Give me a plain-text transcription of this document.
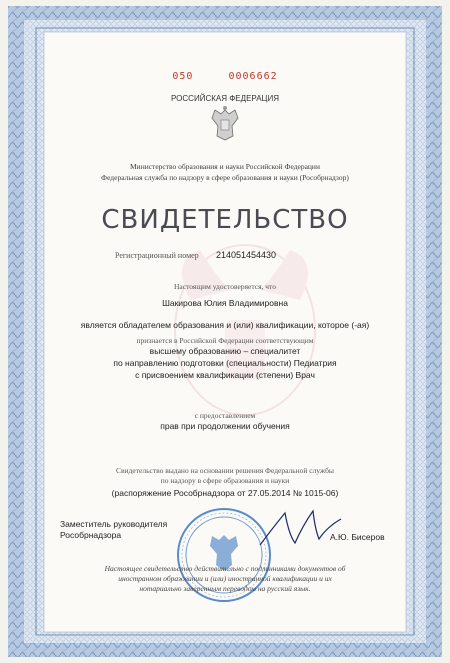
050	0006662
РОССИЙСКАЯ ФЕДЕРАЦИЯ
Министерство образования и науки Российской Федерации
Федеральная служба по надзору в сфере образования и науки (Рособрнадзор)
СВИДЕТЕЛЬСТВО
Регистрационный номер 214051454430
Настоящим удостоверяется, что
Шакирова Юлия Владимировна
является обладателем образования и (или) квалификации, которое (-ая)
признается в Российской Федерации соответствующим
высшему образованию – специалитет
по направлению подготовки (специальности) Педиатрия
с присвоением квалификации (степени) Врач
с предоставлением
прав при продолжении обучения
Свидетельство выдано на основании решения Федеральной службы
по надзору в сфере образования и науки
(распоряжение Рособрнадзора от 27.05.2014 № 1015-06)
Заместитель руководителя
Рособрнадзора	А.Ю. Бисеров
Настоящее свидетельство действительно с подлинниками документов об
иностранном образовании и (или) иностранной квалификации и их
нотариально заверенным переводом на русский язык.
